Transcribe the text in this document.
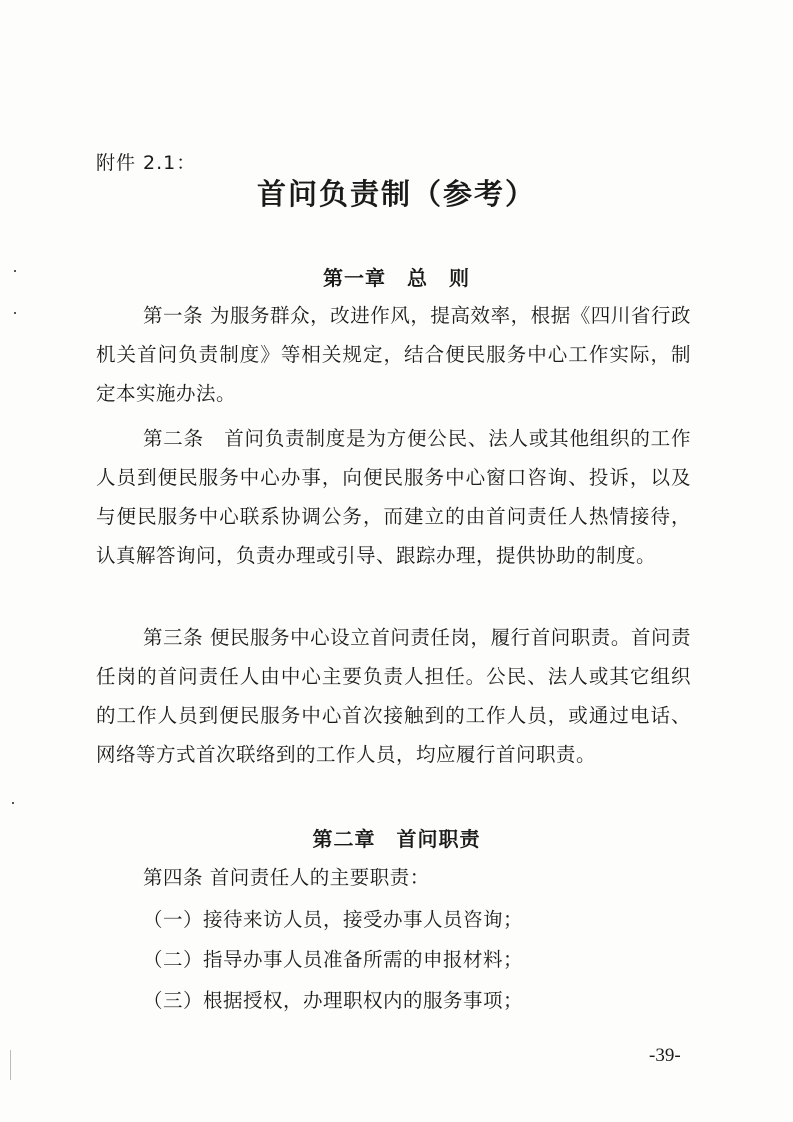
附件 2.1：
首问负责制（参考）
第一章　总　则
第一条 为服务群众，改进作风，提高效率，根据《四川省行政机关首问负责制度》等相关规定，结合便民服务中心工作实际，制定本实施办法。
第二条　首问负责制度是为方便公民、法人或其他组织的工作人员到便民服务中心办事，向便民服务中心窗口咨询、投诉，以及与便民服务中心联系协调公务，而建立的由首问责任人热情接待，认真解答询问，负责办理或引导、跟踪办理，提供协助的制度。
第三条 便民服务中心设立首问责任岗，履行首问职责。首问责任岗的首问责任人由中心主要负责人担任。公民、法人或其它组织的工作人员到便民服务中心首次接触到的工作人员，或通过电话、网络等方式首次联络到的工作人员，均应履行首问职责。
第二章　首问职责
第四条 首问责任人的主要职责：
（一）接待来访人员，接受办事人员咨询；
（二）指导办事人员准备所需的申报材料；
（三）根据授权，办理职权内的服务事项；
-39-
